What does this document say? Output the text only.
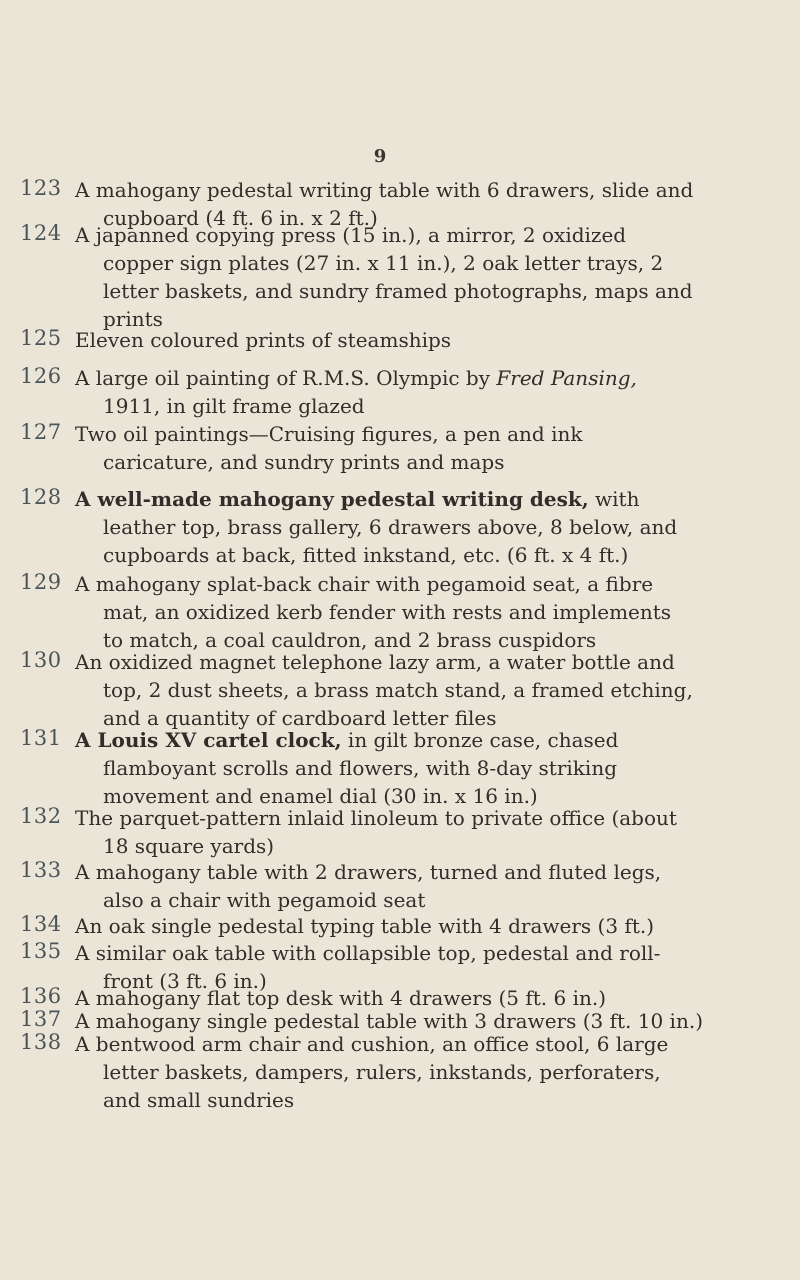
9
123 A mahogany pedestal writing table with 6 drawers, slide and
cupboard (4 ft. 6 in. x 2 ft.)
124 A japanned copying press (15 in.), a mirror, 2 oxidized
copper sign plates (27 in. x 11 in.), 2 oak letter trays, 2
letter baskets, and sundry framed photographs, maps and
prints
125 Eleven coloured prints of steamships
126 A large oil painting of R.M.S. Olympic by Fred Pansing,
1911, in gilt frame glazed
127 Two oil paintings—Cruising figures, a pen and ink
caricature, and sundry prints and maps
128 A well-made mahogany pedestal writing desk, with
leather top, brass gallery, 6 drawers above, 8 below, and
cupboards at back, fitted inkstand, etc. (6 ft. x 4 ft.)
129 A mahogany splat-back chair with pegamoid seat, a fibre
mat, an oxidized kerb fender with rests and implements
to match, a coal cauldron, and 2 brass cuspidors
130 An oxidized magnet telephone lazy arm, a water bottle and
top, 2 dust sheets, a brass match stand, a framed etching,
and a quantity of cardboard letter files
131 A Louis XV cartel clock, in gilt bronze case, chased
flamboyant scrolls and flowers, with 8-day striking
movement and enamel dial (30 in. x 16 in.)
132 The parquet-pattern inlaid linoleum to private office (about
18 square yards)
133 A mahogany table with 2 drawers, turned and fluted legs,
also a chair with pegamoid seat
134 An oak single pedestal typing table with 4 drawers (3 ft.)
135 A similar oak table with collapsible top, pedestal and roll-
front (3 ft. 6 in.)
136 A mahogany flat top desk with 4 drawers (5 ft. 6 in.)
137 A mahogany single pedestal table with 3 drawers (3 ft. 10 in.)
138 A bentwood arm chair and cushion, an office stool, 6 large
letter baskets, dampers, rulers, inkstands, perforaters,
and small sundries
